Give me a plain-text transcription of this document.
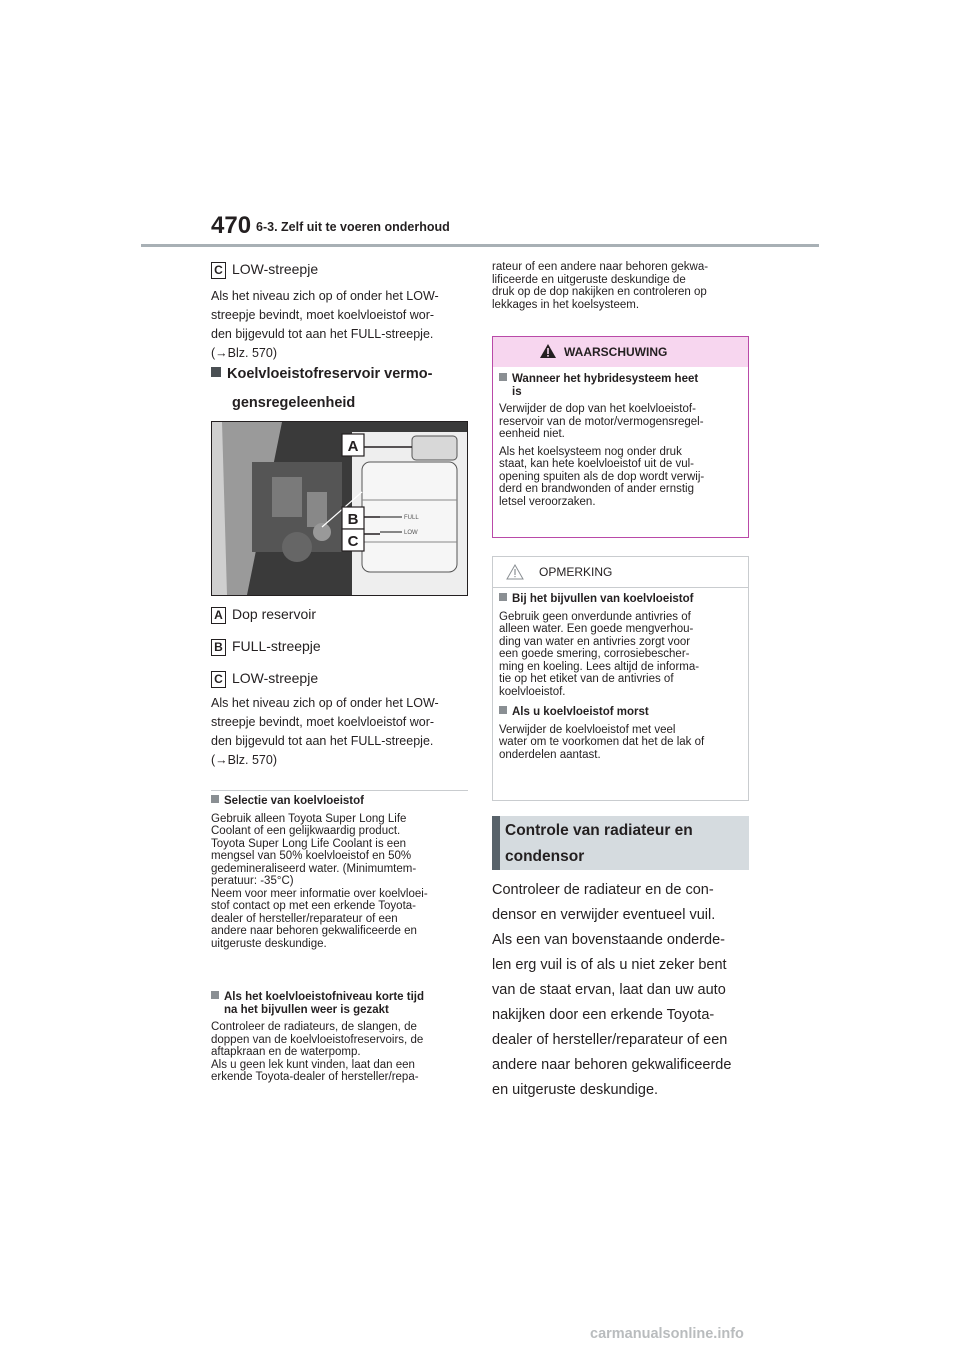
470 6-3. Zelf uit te voeren onderhoud
C LOW-streepje
Als het niveau zich op of onder het LOW-
streepje bevindt, moet koelvloeistof wor-
den bijgevuld tot aan het FULL-streepje.
(→Blz. 570)
Koelvloeistofreservoir vermo-
gensregeleenheid
A
B
C
FULL
LOW
A Dop reservoir
B FULL-streepje
C LOW-streepje
Als het niveau zich op of onder het LOW-
streepje bevindt, moet koelvloeistof wor-
den bijgevuld tot aan het FULL-streepje.
(→Blz. 570)
Selectie van koelvloeistof
Gebruik alleen Toyota Super Long Life
Coolant of een gelijkwaardig product.
Toyota Super Long Life Coolant is een
mengsel van 50% koelvloeistof en 50%
gedemineraliseerd water. (Minimumtem-
peratuur: -35°C)
Neem voor meer informatie over koelvloei-
stof contact op met een erkende Toyota-
dealer of hersteller/reparateur of een
andere naar behoren gekwalificeerde en
uitgeruste deskundige.
Als het koelvloeistofniveau korte tijd
na het bijvullen weer is gezakt
Controleer de radiateurs, de slangen, de
doppen van de koelvloeistofreservoirs, de
aftapkraan en de waterpomp.
Als u geen lek kunt vinden, laat dan een
erkende Toyota-dealer of hersteller/repa-
rateur of een andere naar behoren gekwa-
lificeerde en uitgeruste deskundige de
druk op de dop nakijken en controleren op
lekkages in het koelsysteem.
WAARSCHUWING
Wanneer het hybridesysteem heet
is
Verwijder de dop van het koelvloeistof-
reservoir van de motor/vermogensregel-
eenheid niet.
Als het koelsysteem nog onder druk
staat, kan hete koelvloeistof uit de vul-
opening spuiten als de dop wordt verwij-
derd en brandwonden of ander ernstig
letsel veroorzaken.
OPMERKING
Bij het bijvullen van koelvloeistof
Gebruik geen onverdunde antivries of
alleen water. Een goede mengverhou-
ding van water en antivries zorgt voor
een goede smering, corrosiebescher-
ming en koeling. Lees altijd de informa-
tie op het etiket van de antivries of
koelvloeistof.
Als u koelvloeistof morst
Verwijder de koelvloeistof met veel
water om te voorkomen dat het de lak of
onderdelen aantast.
Controle van radiateur en
condensor
Controleer de radiateur en de con-
densor en verwijder eventueel vuil.
Als een van bovenstaande onderde-
len erg vuil is of als u niet zeker bent
van de staat ervan, laat dan uw auto
nakijken door een erkende Toyota-
dealer of hersteller/reparateur of een
andere naar behoren gekwalificeerde
en uitgeruste deskundige.
carmanualsonline.info
